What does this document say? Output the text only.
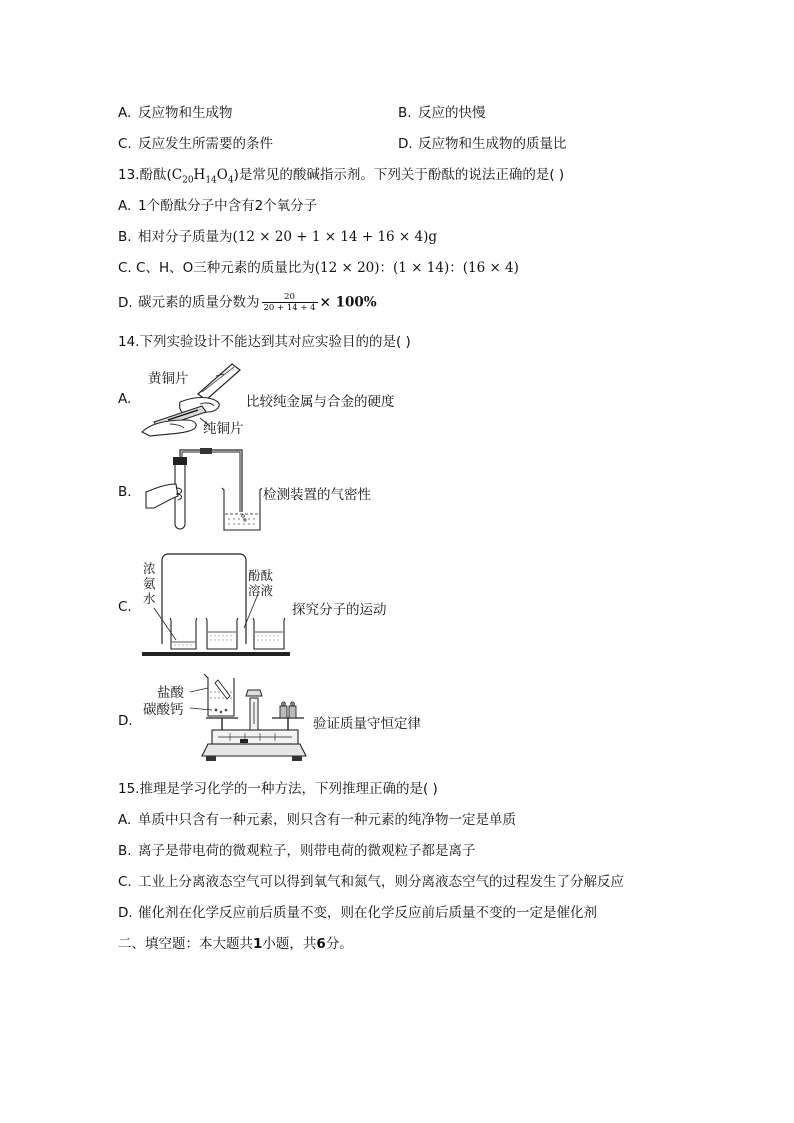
A. 反应物和生成物	B. 反应的快慢
C. 反应发生所需要的条件	D. 反应物和生成物的质量比
13.酚酞$(C_{20}H_{14}O_4)$是常见的酸碱指示剂。下列关于酚酞的说法正确的是( )
A. 1个酚酞分子中含有2个氧分子
B. 相对分子质量为(12 × 20 + 1 × 14 + 16 × 4)g
C. C、H、O三种元素的质量比为(12 × 20)：(1 × 14)：(16 × 4)
D. 碳元素的质量分数为 $\frac{20}{20 + 14 + 4} \times 100\%$
14.下列实验设计不能达到其对应实验目的的是( )
A.
黄铜片
纯铜片
比较纯金属与合金的硬度
B.	检测装置的气密性
C.
浓
氨
水
酚酞
溶液
探究分子的运动
D.
盐酸
碳酸钙
验证质量守恒定律
15.推理是学习化学的一种方法，下列推理正确的是( )
A. 单质中只含有一种元素，则只含有一种元素的纯净物一定是单质
B. 离子是带电荷的微观粒子，则带电荷的微观粒子都是离子
C. 工业上分离液态空气可以得到氧气和氮气，则分离液态空气的过程发生了分解反应
D. 催化剂在化学反应前后质量不变，则在化学反应前后质量不变的一定是催化剂
二、填空题：本大题共1小题，共6分。
